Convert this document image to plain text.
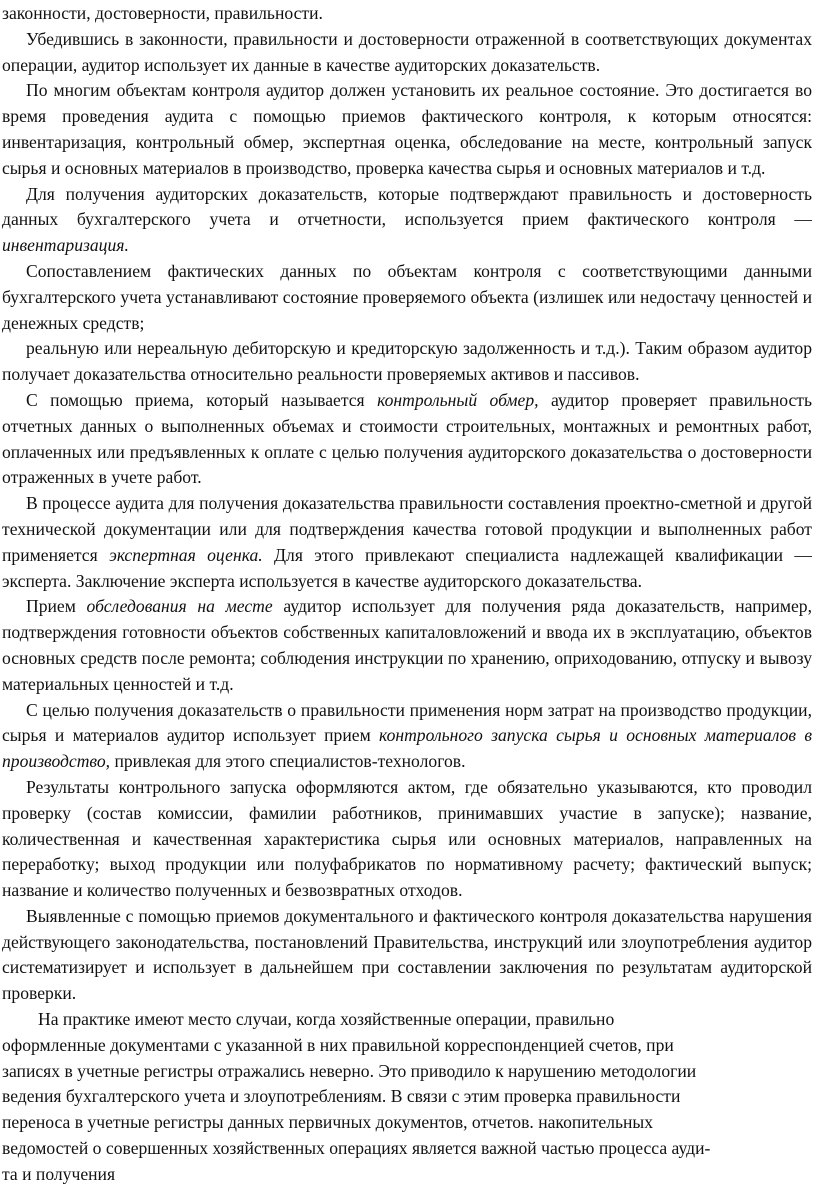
законности, достоверности, правильности.

Убедившись в законности, правильности и достоверности отраженной в соответствующих документах операции, аудитор использует их данные в качестве аудиторских доказательств.

По многим объектам контроля аудитор должен установить их реальное состояние. Это достигается во время проведения аудита с помощью приемов фактического контроля, к которым относятся: инвентаризация, контрольный обмер, экспертная оценка, обследование на месте, контрольный запуск сырья и основных материалов в производство, проверка качества сырья и основных материалов и т.д.

Для получения аудиторских доказательств, которые подтверждают правильность и достоверность данных бухгалтерского учета и отчетности, используется прием фактического контроля — инвентаризация.

Сопоставлением фактических данных по объектам контроля с соответствующими данными бухгалтерского учета устанавливают состояние проверяемого объекта (излишек или недостачу ценностей и денежных средств;

реальную или нереальную дебиторскую и кредиторскую задолженность и т.д.). Таким образом аудитор получает доказательства относительно реальности проверяемых активов и пассивов.

С помощью приема, который называется контрольный обмер, аудитор проверяет правильность отчетных данных о выполненных объемах и стоимости строительных, монтажных и ремонтных работ, оплаченных или предъявленных к оплате с целью получения аудиторского доказательства о достоверности отраженных в учете работ.

В процессе аудита для получения доказательства правильности составления проектно-сметной и другой технической документации или для подтверждения качества готовой продукции и выполненных работ применяется экспертная оценка. Для этого привлекают специалиста надлежащей квалификации — эксперта. Заключение эксперта используется в качестве аудиторского доказательства.

Прием обследования на месте аудитор использует для получения ряда доказательств, например, подтверждения готовности объектов собственных капиталовложений и ввода их в эксплуатацию, объектов основных средств после ремонта; соблюдения инструкции по хранению, оприходованию, отпуску и вывозу материальных ценностей и т.д.

С целью получения доказательств о правильности применения норм затрат на производство продукции, сырья и материалов аудитор использует прием контрольного запуска сырья и основных материалов в производство, привлекая для этого специалистов-технологов.

Результаты контрольного запуска оформляются актом, где обязательно указываются, кто проводил проверку (состав комиссии, фамилии работников, принимавших участие в запуске); название, количественная и качественная характеристика сырья или основных материалов, направленных на переработку; выход продукции или полуфабрикатов по нормативному расчету; фактический выпуск; название и количество полученных и безвозвратных отходов.

Выявленные с помощью приемов документального и фактического контроля доказательства нарушения действующего законодательства, постановлений Правительства, инструкций или злоупотребления аудитор систематизирует и использует в дальнейшем при составлении заключения по результатам аудиторской проверки.

На практике имеют место случаи, когда хозяйственные операции, правильно
оформленные документами с указанной в них правильной корреспонденцией счетов, при
записях в учетные регистры отражались неверно. Это приводило к нарушению методологии
ведения бухгалтерского учета и злоупотреблениям. В связи с этим проверка правильности
переноса в учетные регистры данных первичных документов, отчетов. накопительных
ведомостей о совершенных хозяйственных операциях является важной частью процесса ауди-
та и получения
